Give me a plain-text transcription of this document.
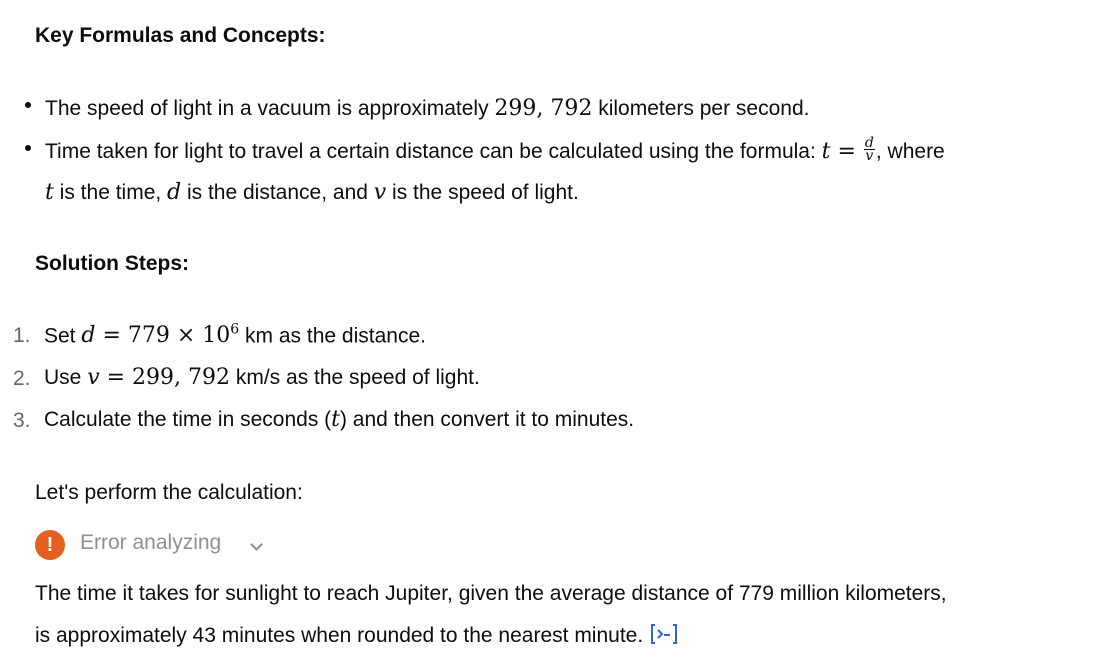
Key Formulas and Concepts:
The speed of light in a vacuum is approximately 299, 792 kilometers per second.
Time taken for light to travel a certain distance can be calculated using the formula: $t = \frac{d}{v}$ , where
t is the time, d is the distance, and v is the speed of light.
Solution Steps:
1. Set $d = 779 \times 10^6$ km as the distance.
2. Use v = 299, 792 km/s as the speed of light.
3. Calculate the time in seconds (t) and then convert it to minutes.
Let's perform the calculation:
!	Error analyzing
The time it takes for sunlight to reach Jupiter, given the average distance of 779 million kilometers,
is approximately 43 minutes when rounded to the nearest minute.
